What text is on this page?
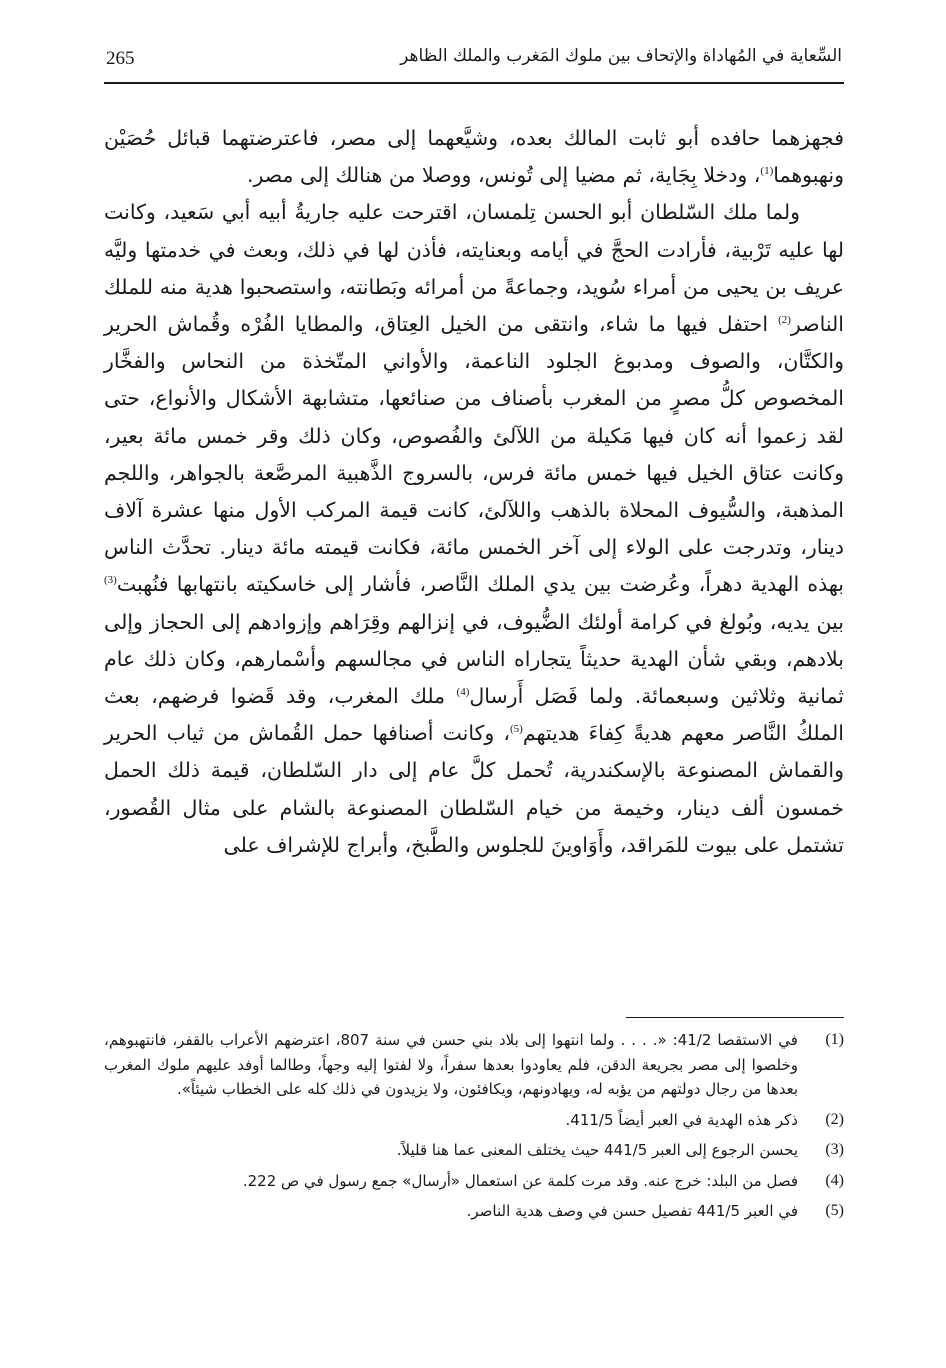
265	السِّعاية في المُهاداة والإتحاف بين ملوك المَغرب والملك الظاهر

فجهزهما حافده أبو ثابت المالك بعده، وشيَّعهما إلى مصر، فاعترضتهما قبائل حُصَيْن ونهبوهما$^{(1)}$، ودخلا بِجَاية، ثم مضيا إلى تُونس، ووصلا من هنالك إلى مصر.

ولما ملك السّلطان أبو الحسن تِلمسان، اقترحت عليه جاريةُ أبيه أبي سَعيد، وكانت لها عليه تَرْبية، فأرادت الحجَّ في أيامه وبعنايته، فأذن لها في ذلك، وبعث في خدمتها وليَّه عريف بن يحيى من أمراء سُويد، وجماعةً من أمرائه وبَطانته، واستصحبوا هدية منه للملك الناصر$^{(2)}$ احتفل فيها ما شاء، وانتقى من الخيل العِتاق، والمطايا الفُرْه وقُماش الحرير والكتَّان، والصوف ومدبوغ الجلود الناعمة، والأواني المتّخذة من النحاس والفخَّار المخصوص كلُّ مصرٍ من المغرب بأصناف من صنائعها، متشابهة الأشكال والأنواع، حتى لقد زعموا أنه كان فيها مَكيلة من اللآلئ والفُصوص، وكان ذلك وقر خمس مائة بعير، وكانت عتاق الخيل فيها خمس مائة فرس، بالسروج الذَّهبية المرصَّعة بالجواهر، واللجم المذهبة، والسُّيوف المحلاة بالذهب واللآلئ، كانت قيمة المركب الأول منها عشرة آلاف دينار، وتدرجت على الولاء إلى آخر الخمس مائة، فكانت قيمته مائة دينار. تحدَّث الناس بهذه الهدية دهراً، وعُرضت بين يدي الملك النَّاصر، فأشار إلى خاسكيته بانتهابها فنُهبت$^{(3)}$ بين يديه، وبُولغ في كرامة أولئك الضُّيوف، في إنزالهم وقِرَاهم وإزوادهم إلى الحجاز وإلى بلادهم، وبقي شأن الهدية حديثاً يتجاراه الناس في مجالسهم وأسْمارهم، وكان ذلك عام ثمانية وثلاثين وسبعمائة. ولما فَصَل أَرسال$^{(4)}$ ملك المغرب، وقد قَضوا فرضهم، بعث الملكُ النَّاصر معهم هديةً كِفاءَ هديتهم$^{(5)}$، وكانت أصنافها حمل القُماش من ثياب الحرير والقماش المصنوعة بالإسكندرية، تُحمل كلَّ عام إلى دار السّلطان، قيمة ذلك الحمل خمسون ألف دينار، وخيمة من خيام السّلطان المصنوعة بالشام على مثال القُصور، تشتمل على بيوت للمَراقد، وأَوَاوينَ للجلوس والطَّبخ، وأبراج للإشراف على

(1)
في الاستقصا 41/2: «. . . . ولما انتهوا إلى بلاد بني حسن في سنة 807، اعترضهم الأعراب بالقفر، فانتهبوهم، وخلصوا إلى مصر بجريعة الدقن، فلم يعاودوا بعدها سفراً، ولا لفتوا إليه وجهاً، وطالما أوفد عليهم ملوك المغرب بعدها من رجال دولتهم من يؤبه له، ويهادونهم، ويكافئون، ولا يزيدون في ذلك كله على الخطاب شيئاً».
(2)
ذكر هذه الهدية في العبر أيضاً 411/5.
(3)
يحسن الرجوع إلى العبر 441/5 حيث يختلف المعنى عما هنا قليلاً.
(4)
فصل من البلد: خرج عنه. وقد مرت كلمة عن استعمال «أرسال» جمع رسول في ص 222.
(5)
في العبر 441/5 تفصيل حسن في وصف هدية الناصر.
